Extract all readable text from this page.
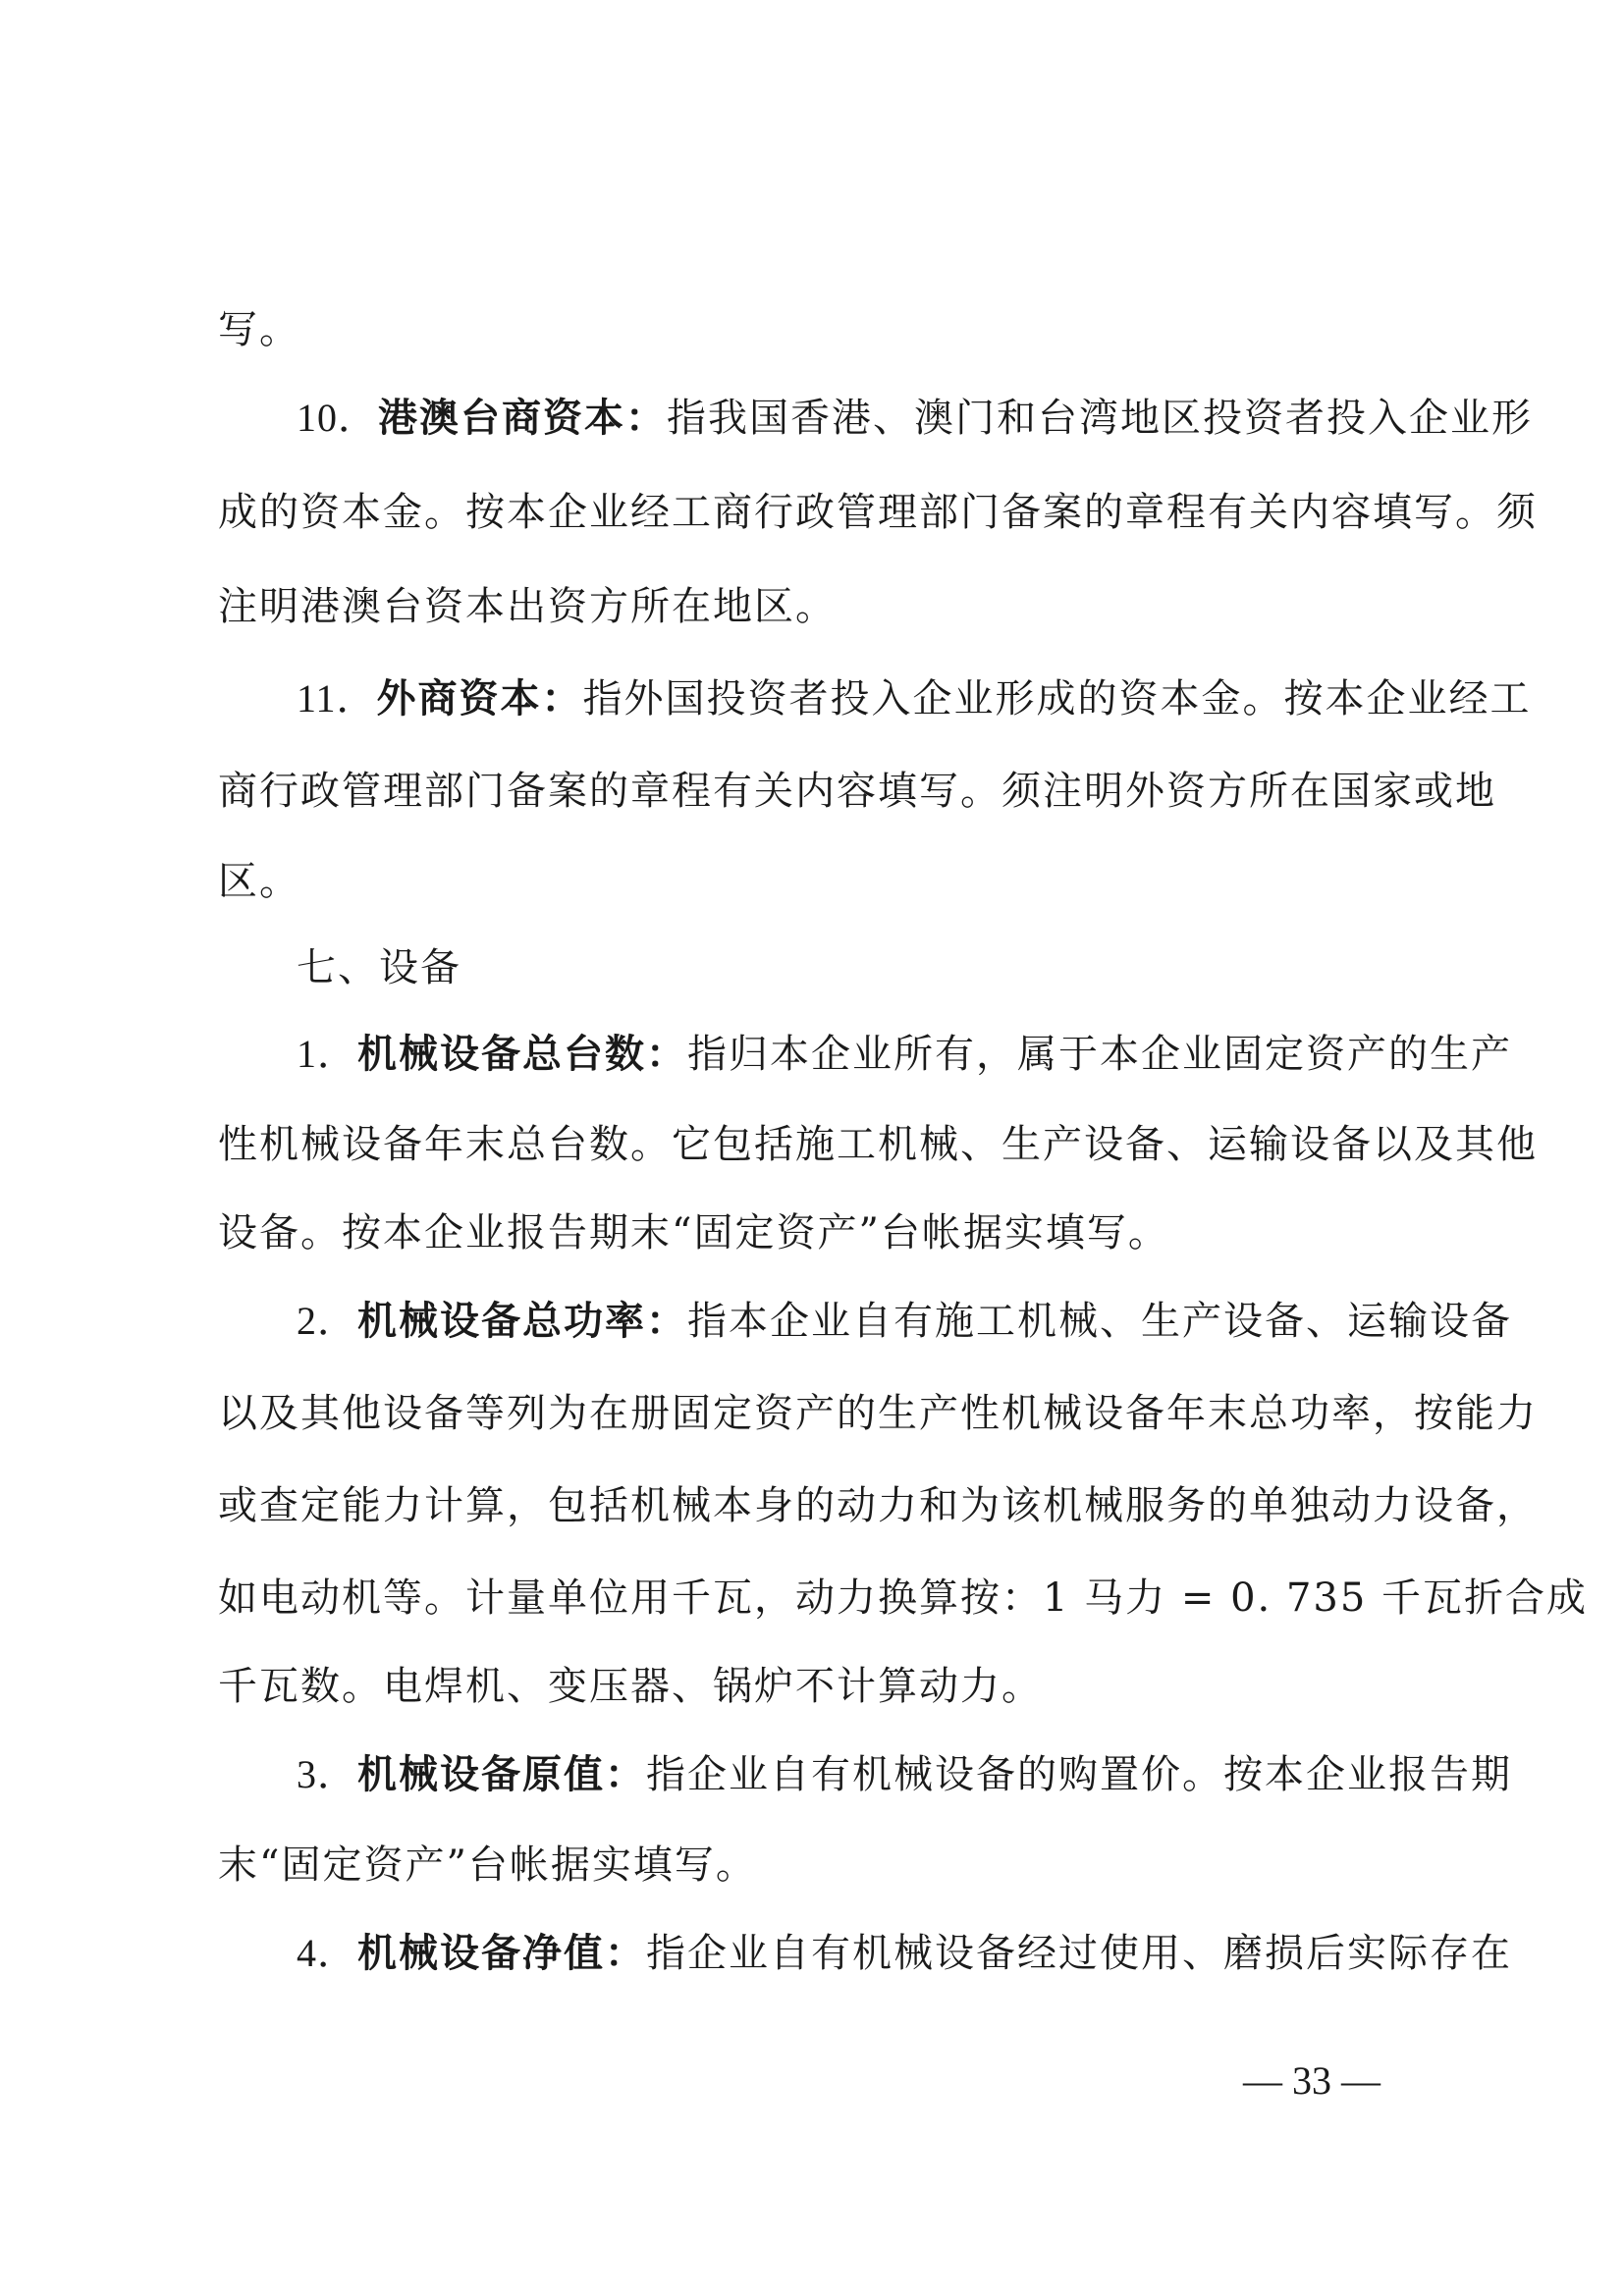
写。
10．港澳台商资本：指我国香港、澳门和台湾地区投资者投入企业形
成的资本金。按本企业经工商行政管理部门备案的章程有关内容填写。须
注明港澳台资本出资方所在地区。
11．外商资本：指外国投资者投入企业形成的资本金。按本企业经工
商行政管理部门备案的章程有关内容填写。须注明外资方所在国家或地
区。
七、设备
1．机械设备总台数：指归本企业所有，属于本企业固定资产的生产
性机械设备年末总台数。它包括施工机械、生产设备、运输设备以及其他
设备。按本企业报告期末“固定资产”台帐据实填写。
2．机械设备总功率：指本企业自有施工机械、生产设备、运输设备
以及其他设备等列为在册固定资产的生产性机械设备年末总功率，按能力
或查定能力计算，包括机械本身的动力和为该机械服务的单独动力设备，
如电动机等。计量单位用千瓦，动力换算按：1 马力 = 0. 735 千瓦折合成
千瓦数。电焊机、变压器、锅炉不计算动力。
3．机械设备原值：指企业自有机械设备的购置价。按本企业报告期
末“固定资产”台帐据实填写。
4．机械设备净值：指企业自有机械设备经过使用、磨损后实际存在
— 33 —
